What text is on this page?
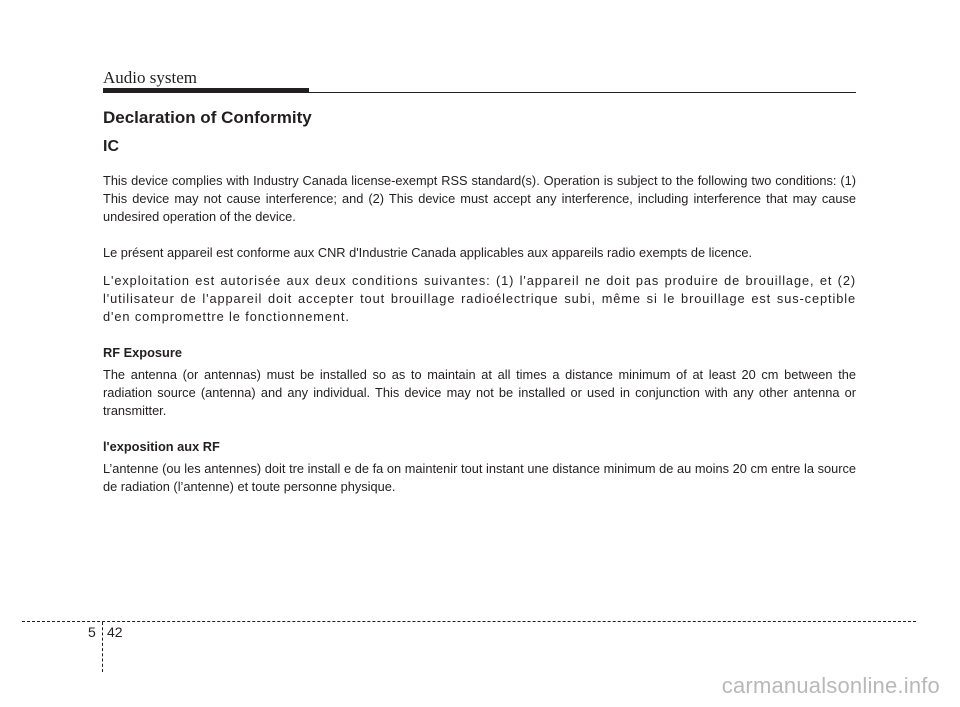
Audio system
Declaration of Conformity
IC

This device complies with Industry Canada license-exempt RSS standard(s). Operation is subject to the following two conditions: (1) This device may not cause interference; and (2) This device must accept any interference, including interference that may cause undesired operation of the device.

Le présent appareil est conforme aux CNR d'Industrie Canada applicables aux appareils radio exempts de licence.

L'exploitation est autorisée aux deux conditions suivantes: (1) l'appareil ne doit pas produire de brouillage, et (2) l'utilisateur de l'appareil doit accepter tout brouillage radioélectrique subi, même si le brouillage est sus-ceptible d'en compromettre le fonctionnement.

RF Exposure

The antenna (or antennas) must be installed so as to maintain at all times a distance minimum of at least 20 cm between the radiation source (antenna) and any individual. This device may not be installed or used in conjunction with any other antenna or transmitter.

l'exposition aux RF

L’antenne (ou les antennes) doit tre install e de fa on maintenir tout instant une distance minimum de au moins 20 cm entre la source de radiation (l’antenne) et toute personne physique.

5 42
carmanualsonline.info
